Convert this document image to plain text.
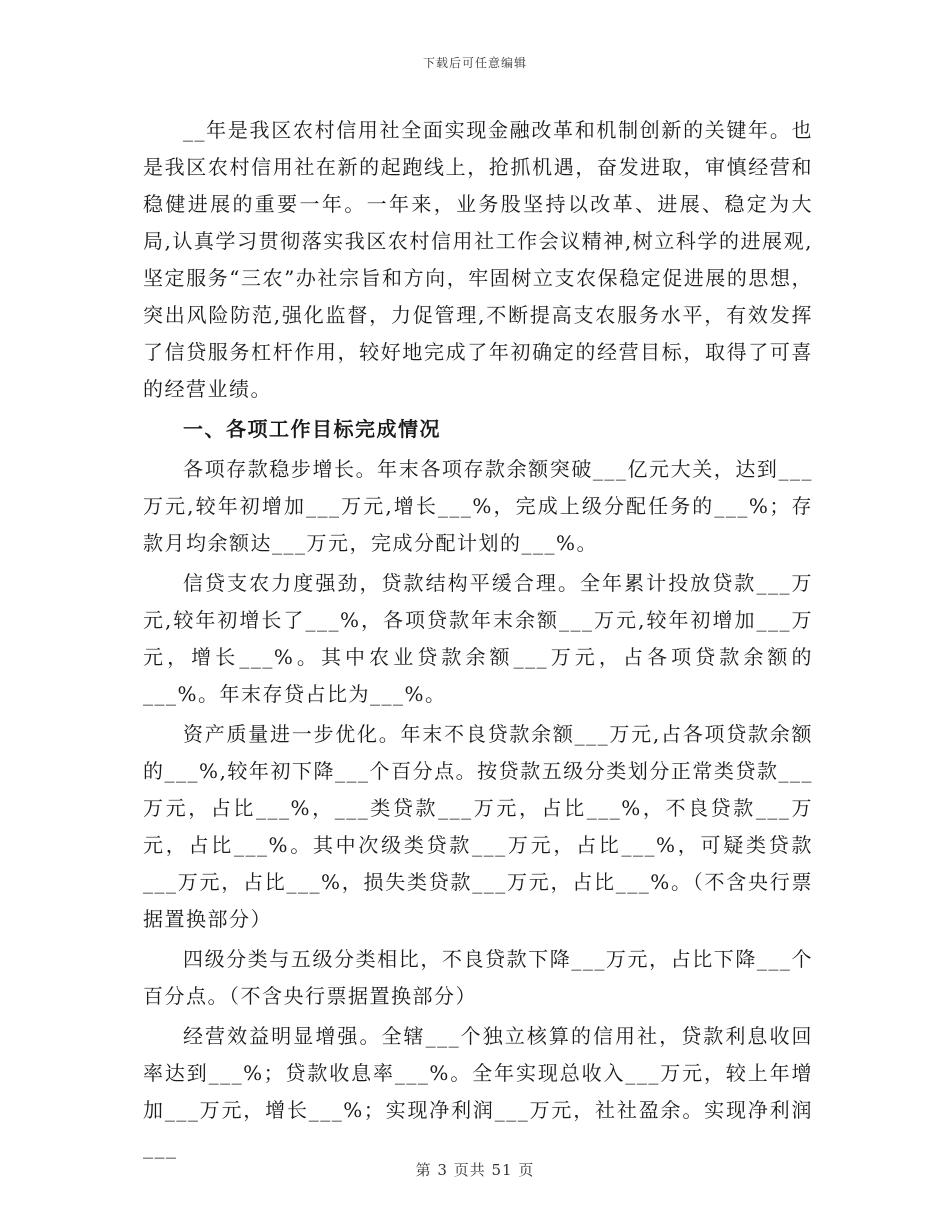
下载后可任意编辑

__年是我区农村信用社全面实现金融改革和机制创新的关键年。也是我区农村信用社在新的起跑线上，抢抓机遇，奋发进取，审慎经营和稳健进展的重要一年。一年来，业务股坚持以改革、进展、稳定为大局,认真学习贯彻落实我区农村信用社工作会议精神,树立科学的进展观,坚定服务“三农”办社宗旨和方向，牢固树立支农保稳定促进展的思想，突出风险防范,强化监督，力促管理,不断提高支农服务水平，有效发挥了信贷服务杠杆作用，较好地完成了年初确定的经营目标，取得了可喜的经营业绩。

一、各项工作目标完成情况

各项存款稳步增长。年末各项存款余额突破___亿元大关，达到___万元,较年初增加___万元,增长___%，完成上级分配任务的___%；存款月均余额达___万元，完成分配计划的___%。

信贷支农力度强劲，贷款结构平缓合理。全年累计投放贷款___万元,较年初增长了___%，各项贷款年末余额___万元,较年初增加___万元，增长___%。其中农业贷款余额___万元，占各项贷款余额的___%。年末存贷占比为___%。

资产质量进一步优化。年末不良贷款余额___万元,占各项贷款余额的___%,较年初下降___个百分点。按贷款五级分类划分正常类贷款___万元，占比___%，___类贷款___万元，占比___%，不良贷款___万元，占比___%。其中次级类贷款___万元，占比___%，可疑类贷款___万元，占比___%，损失类贷款___万元，占比___%。（不含央行票据置换部分）

四级分类与五级分类相比，不良贷款下降___万元，占比下降___个百分点。（不含央行票据置换部分）

经营效益明显增强。全辖___个独立核算的信用社，贷款利息收回率达到___%；贷款收息率___%。全年实现总收入___万元，较上年增加___万元，增长___%；实现净利润___万元，社社盈余。实现净利润___

第 3 页共 51 页
